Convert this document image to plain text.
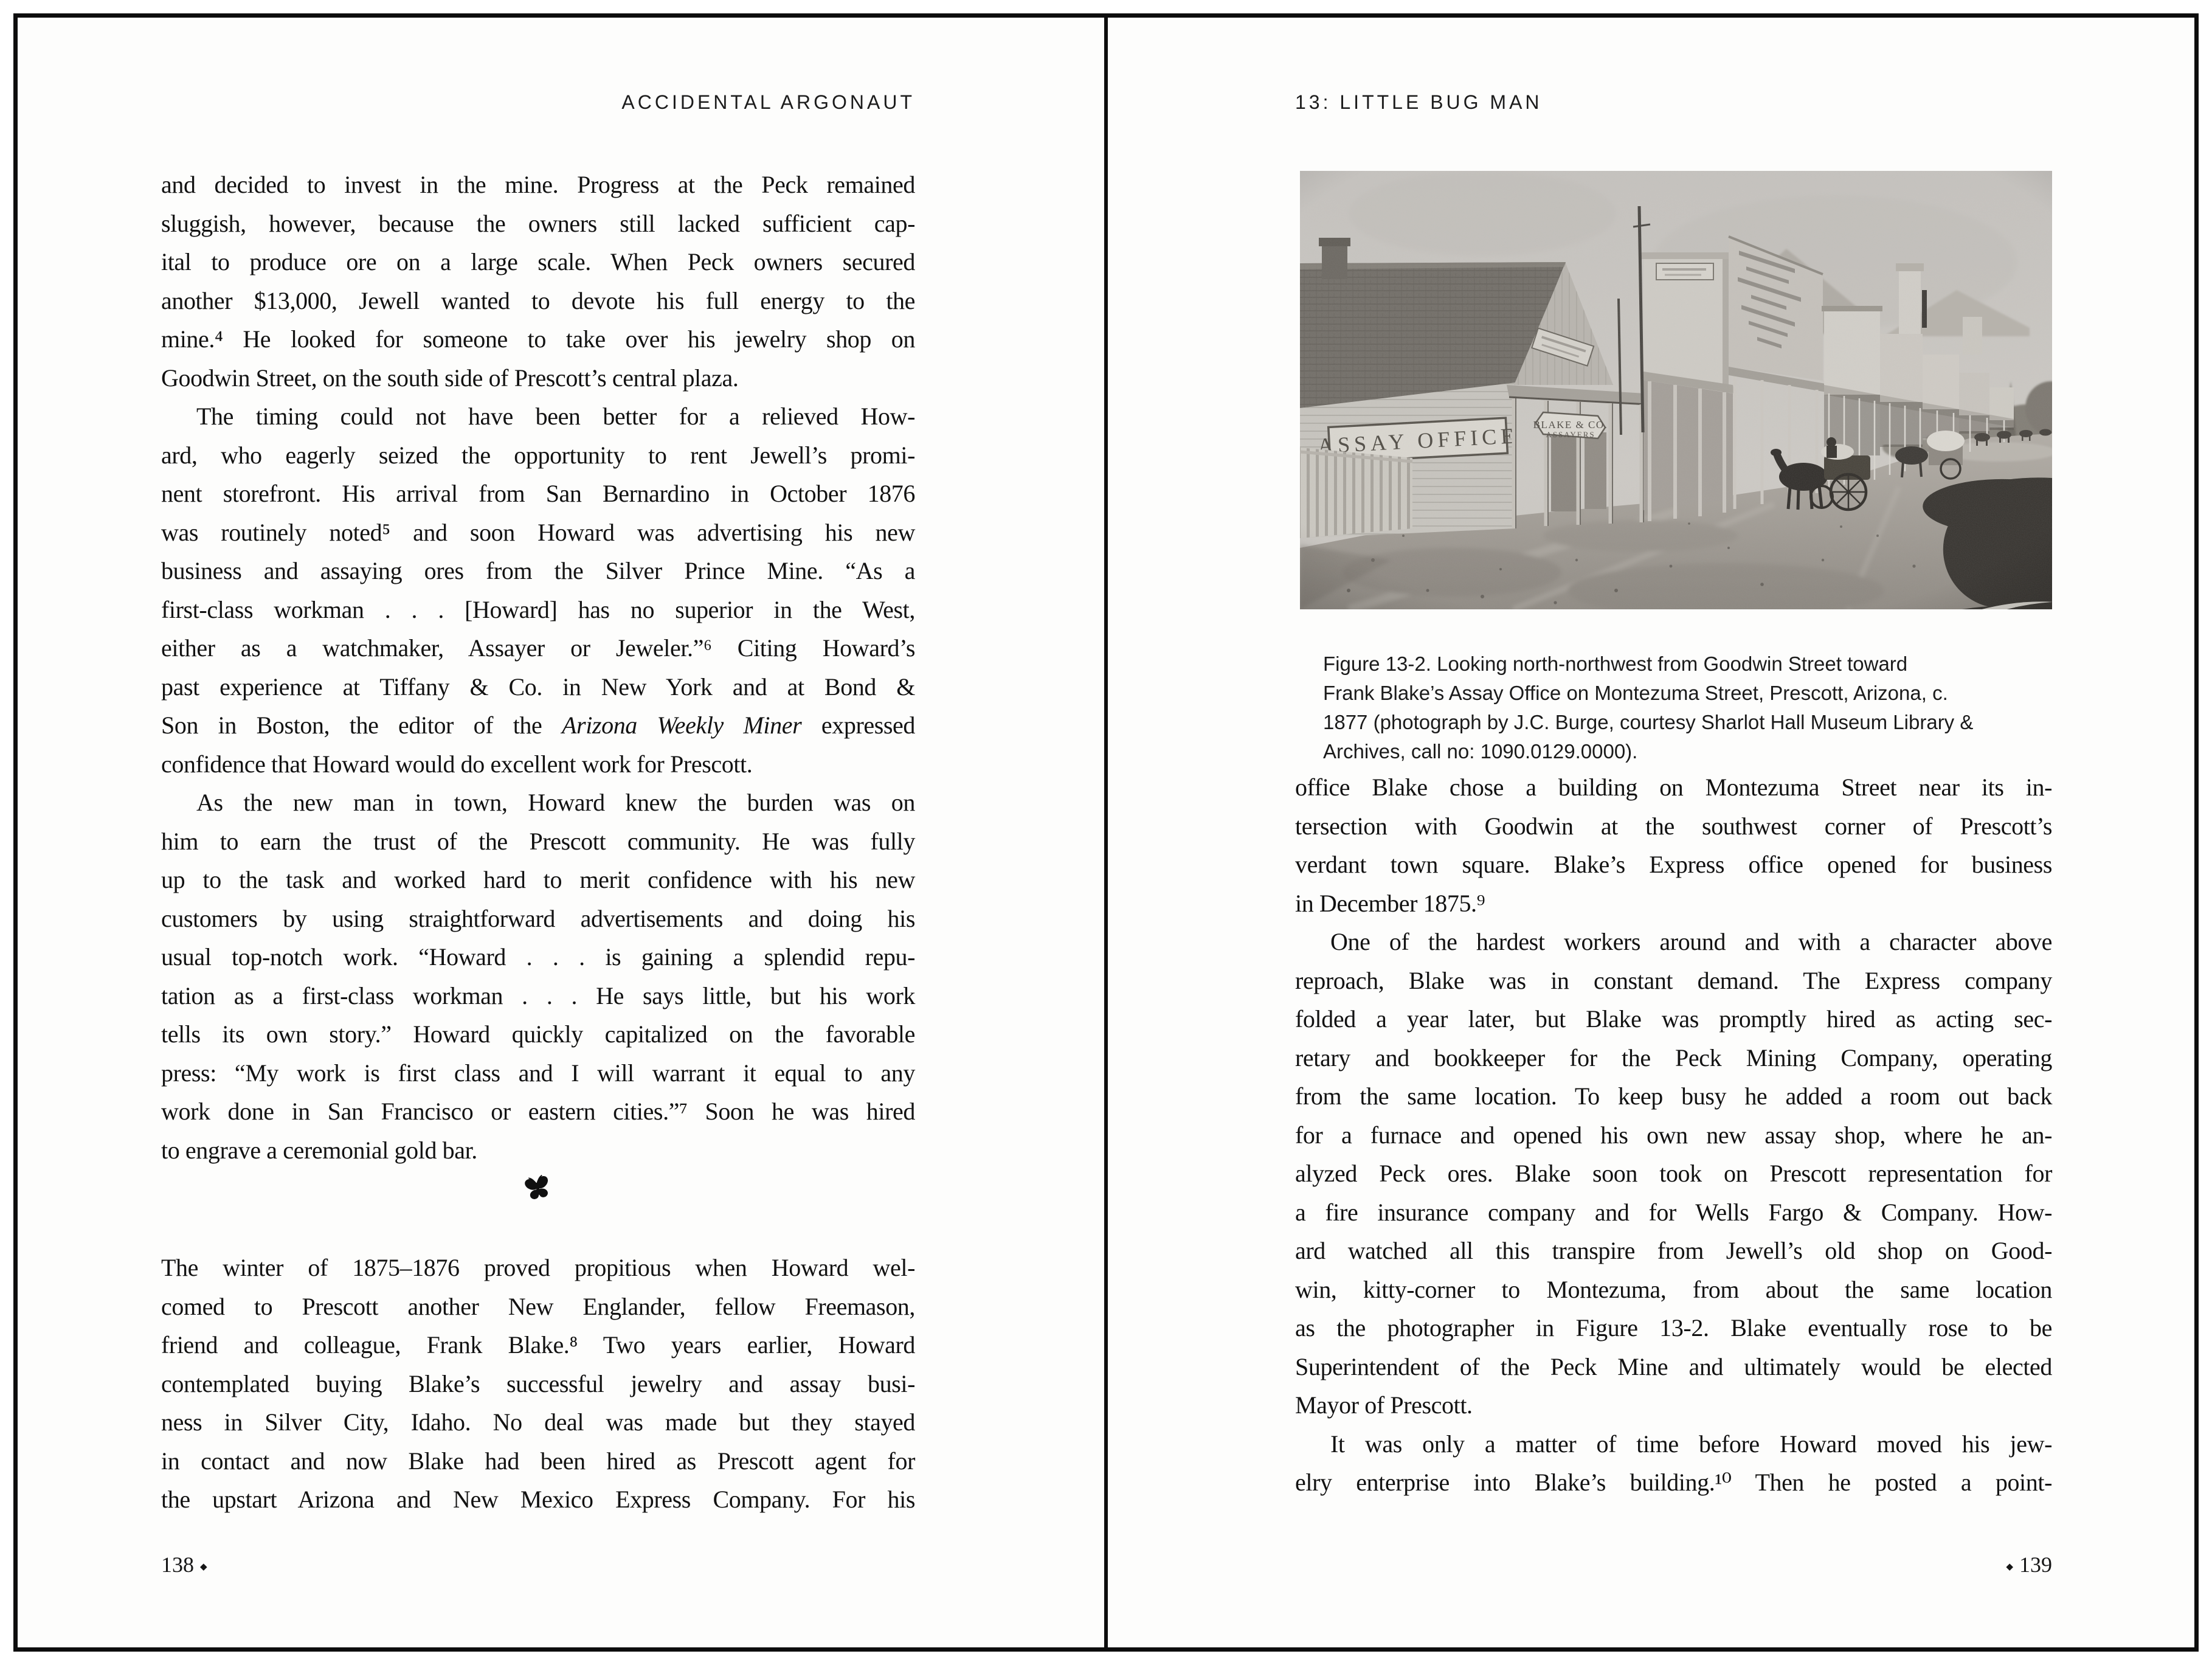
ACCIDENTAL ARGONAUT
and decided to invest in the mine. Progress at the Peck remained
sluggish, however, because the owners still lacked sufficient cap-
ital to produce ore on a large scale. When Peck owners secured
another $13,000, Jewell wanted to devote his full energy to the
mine.⁴ He looked for someone to take over his jewelry shop on
Goodwin Street, on the south side of Prescott’s central plaza.
The timing could not have been better for a relieved How-
ard, who eagerly seized the opportunity to rent Jewell’s promi-
nent storefront. His arrival from San Bernardino in October 1876
was routinely noted⁵ and soon Howard was advertising his new
business and assaying ores from the Silver Prince Mine. “As a
first-class workman . . . [Howard] has no superior in the West,
either as a watchmaker, Assayer or Jeweler.”⁶ Citing Howard’s
past experience at Tiffany & Co. in New York and at Bond &
Son in Boston, the editor of the Arizona Weekly Miner expressed
confidence that Howard would do excellent work for Prescott.
As the new man in town, Howard knew the burden was on
him to earn the trust of the Prescott community. He was fully
up to the task and worked hard to merit confidence with his new
customers by using straightforward advertisements and doing his
usual top-notch work. “Howard . . . is gaining a splendid repu-
tation as a first-class workman . . . He says little, but his work
tells its own story.” Howard quickly capitalized on the favorable
press: “My work is first class and I will warrant it equal to any
work done in San Francisco or eastern cities.”⁷ Soon he was hired
to engrave a ceremonial gold bar.
The winter of 1875–1876 proved propitious when Howard wel-
comed to Prescott another New Englander, fellow Freemason,
friend and colleague, Frank Blake.⁸ Two years earlier, Howard
contemplated buying Blake’s successful jewelry and assay busi-
ness in Silver City, Idaho. No deal was made but they stayed
in contact and now Blake had been hired as Prescott agent for
the upstart Arizona and New Mexico Express Company. For his
138 ◆
13: LITTLE BUG MAN
Figure 13-2. Looking north-northwest from Goodwin Street toward
Frank Blake’s Assay Office on Montezuma Street, Prescott, Arizona, c.
1877 (photograph by J.C. Burge, courtesy Sharlot Hall Museum Library &
Archives, call no: 1090.0129.0000).
office Blake chose a building on Montezuma Street near its in-
tersection with Goodwin at the southwest corner of Prescott’s
verdant town square. Blake’s Express office opened for business
in December 1875.⁹
One of the hardest workers around and with a character above
reproach, Blake was in constant demand. The Express company
folded a year later, but Blake was promptly hired as acting sec-
retary and bookkeeper for the Peck Mining Company, operating
from the same location. To keep busy he added a room out back
for a furnace and opened his own new assay shop, where he an-
alyzed Peck ores. Blake soon took on Prescott representation for
a fire insurance company and for Wells Fargo & Company. How-
ard watched all this transpire from Jewell’s old shop on Good-
win, kitty-corner to Montezuma, from about the same location
as the photographer in Figure 13-2. Blake eventually rose to be
Superintendent of the Peck Mine and ultimately would be elected
Mayor of Prescott.
It was only a matter of time before Howard moved his jew-
elry enterprise into Blake’s building.¹⁰ Then he posted a point-
◆ 139
